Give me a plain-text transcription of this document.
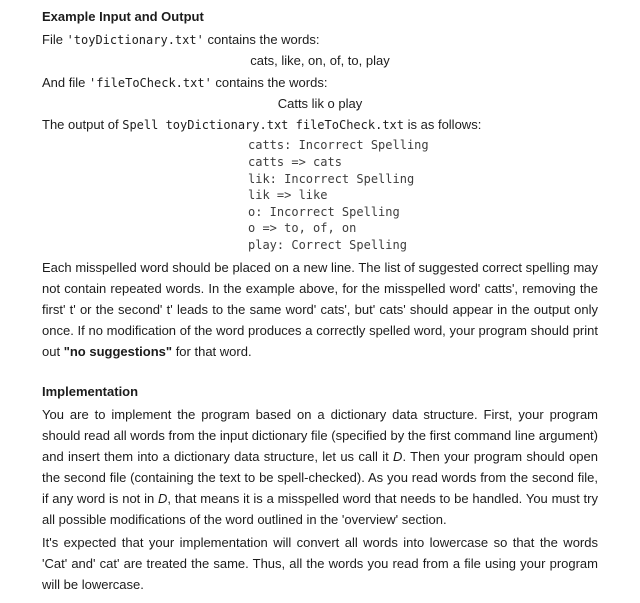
Example Input and Output

File 'toyDictionary.txt' contains the words:

cats, like, on, of, to, play

And file 'fileToCheck.txt' contains the words:

Catts lik o play

The output of Spell toyDictionary.txt fileToCheck.txt is as follows:

catts: Incorrect Spelling
catts => cats
lik: Incorrect Spelling
lik => like
o: Incorrect Spelling
o => to, of, on
play: Correct Spelling

Each misspelled word should be placed on a new line. The list of suggested correct spelling may not contain repeated words. In the example above, for the misspelled word' catts', removing the first' t' or the second' t' leads to the same word' cats', but' cats' should appear in the output only once. If no modification of the word produces a correctly spelled word, your program should print out "no suggestions" for that word.

Implementation

You are to implement the program based on a dictionary data structure. First, your program should read all words from the input dictionary file (specified by the first command line argument) and insert them into a dictionary data structure, let us call it D. Then your program should open the second file (containing the text to be spell-checked). As you read words from the second file, if any word is not in D, that means it is a misspelled word that needs to be handled. You must try all possible modifications of the word outlined in the 'overview' section.

It's expected that your implementation will convert all words into lowercase so that the words 'Cat' and' cat' are treated the same. Thus, all the words you read from a file using your program will be lowercase.
